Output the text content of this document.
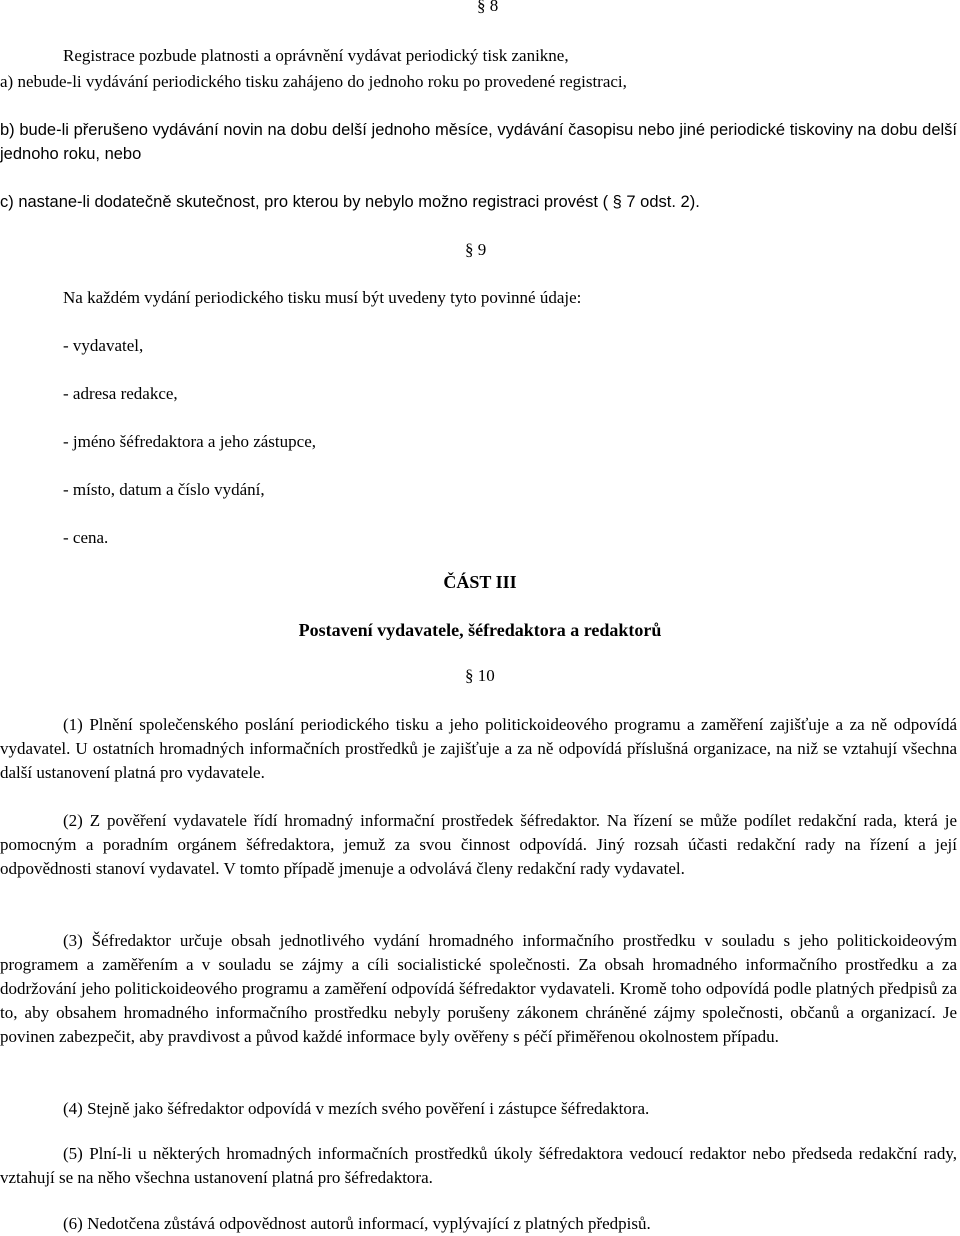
§ 8

Registrace pozbude platnosti a oprávnění vydávat periodický tisk zanikne,

a) nebude-li vydávání periodického tisku zahájeno do jednoho roku po provedené registraci,

b) bude-li přerušeno vydávání novin na dobu delší jednoho měsíce, vydávání časopisu nebo jiné periodické tiskoviny na dobu delší jednoho roku, nebo

c) nastane-li dodatečně skutečnost, pro kterou by nebylo možno registraci provést ( § 7 odst. 2).

§ 9

Na každém vydání periodického tisku musí být uvedeny tyto povinné údaje:

- vydavatel,

- adresa redakce,

- jméno šéfredaktora a jeho zástupce,

- místo, datum a číslo vydání,

- cena.

ČÁST III
Postavení vydavatele, šéfredaktora a redaktorů
§ 10

(1) Plnění společenského poslání periodického tisku a jeho politickoideového programu a zaměření zajišťuje a za ně odpovídá vydavatel. U ostatních hromadných informačních prostředků je zajišťuje a za ně odpovídá příslušná organizace, na niž se vztahují všechna další ustanovení platná pro vydavatele.

(2) Z pověření vydavatele řídí hromadný informační prostředek šéfredaktor. Na řízení se může podílet redakční rada, která je pomocným a poradním orgánem šéfredaktora, jemuž za svou činnost odpovídá. Jiný rozsah účasti redakční rady na řízení a její odpovědnosti stanoví vydavatel. V tomto případě jmenuje a odvolává členy redakční rady vydavatel.

(3) Šéfredaktor určuje obsah jednotlivého vydání hromadného informačního prostředku v souladu s jeho politickoideovým programem a zaměřením a v souladu se zájmy a cíli socialistické společnosti. Za obsah hromadného informačního prostředku a za dodržování jeho politickoideového programu a zaměření odpovídá šéfredaktor vydavateli. Kromě toho odpovídá podle platných předpisů za to, aby obsahem hromadného informačního prostředku nebyly porušeny zákonem chráněné zájmy společnosti, občanů a organizací. Je povinen zabezpečit, aby pravdivost a původ každé informace byly ověřeny s péčí přiměřenou okolnostem případu.

(4) Stejně jako šéfredaktor odpovídá v mezích svého pověření i zástupce šéfredaktora.

(5) Plní-li u některých hromadných informačních prostředků úkoly šéfredaktora vedoucí redaktor nebo předseda redakční rady, vztahují se na něho všechna ustanovení platná pro šéfredaktora.

(6) Nedotčena zůstává odpovědnost autorů informací, vyplývající z platných předpisů.
